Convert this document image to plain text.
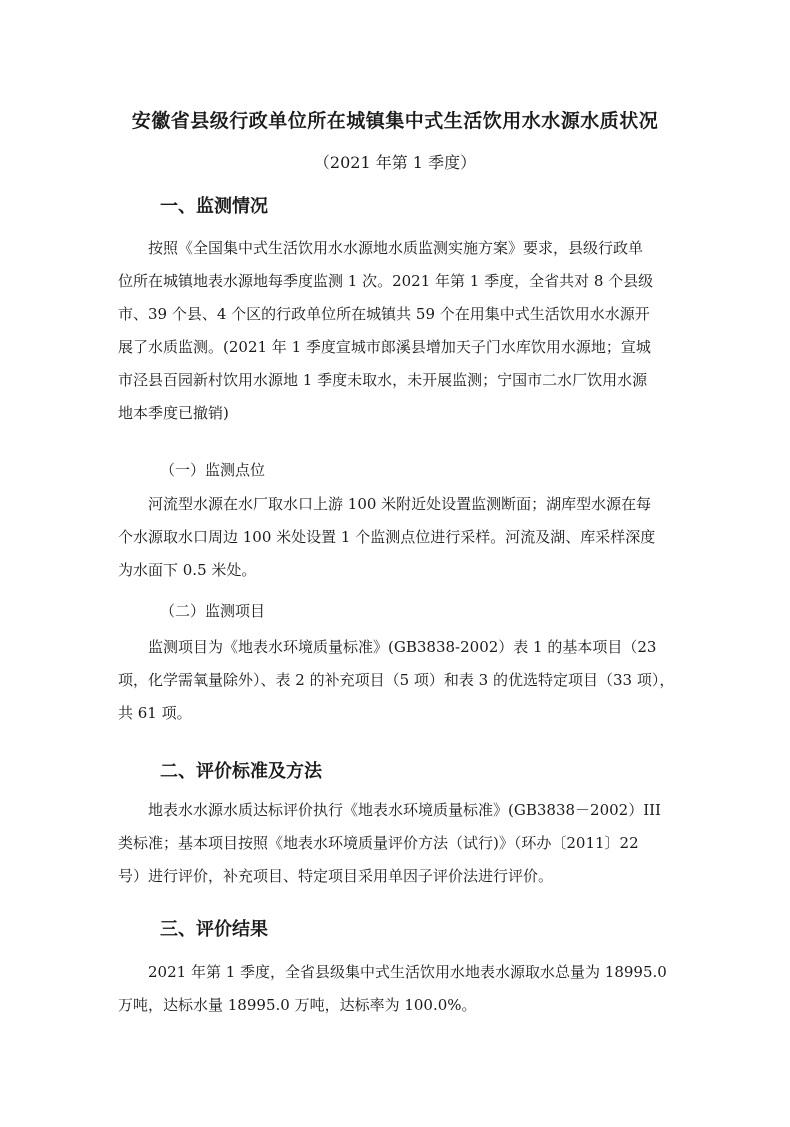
安徽省县级行政单位所在城镇集中式生活饮用水水源水质状况
（2021 年第 1 季度）
一、监测情况
按照《全国集中式生活饮用水水源地水质监测实施方案》要求，县级行政单
位所在城镇地表水源地每季度监测 1 次。2021 年第 1 季度，全省共对 8 个县级
市、39 个县、4 个区的行政单位所在城镇共 59 个在用集中式生活饮用水水源开
展了水质监测。(2021 年 1 季度宣城市郎溪县增加天子门水库饮用水源地；宣城
市泾县百园新村饮用水源地 1 季度未取水，未开展监测；宁国市二水厂饮用水源
地本季度已撤销)
（一）监测点位
河流型水源在水厂取水口上游 100 米附近处设置监测断面；湖库型水源在每
个水源取水口周边 100 米处设置 1 个监测点位进行采样。河流及湖、库采样深度
为水面下 0.5 米处。
（二）监测项目
监测项目为《地表水环境质量标准》(GB3838-2002）表 1 的基本项目（23
项，化学需氧量除外）、表 2 的补充项目（5 项）和表 3 的优选特定项目（33 项），
共 61 项。
二、评价标准及方法
地表水水源水质达标评价执行《地表水环境质量标准》(GB3838－2002）III
类标准；基本项目按照《地表水环境质量评价方法（试行)》（环办〔2011〕22
号）进行评价，补充项目、特定项目采用单因子评价法进行评价。
三、评价结果
2021 年第 1 季度，全省县级集中式生活饮用水地表水源取水总量为 18995.0
万吨，达标水量 18995.0 万吨，达标率为 100.0%。
